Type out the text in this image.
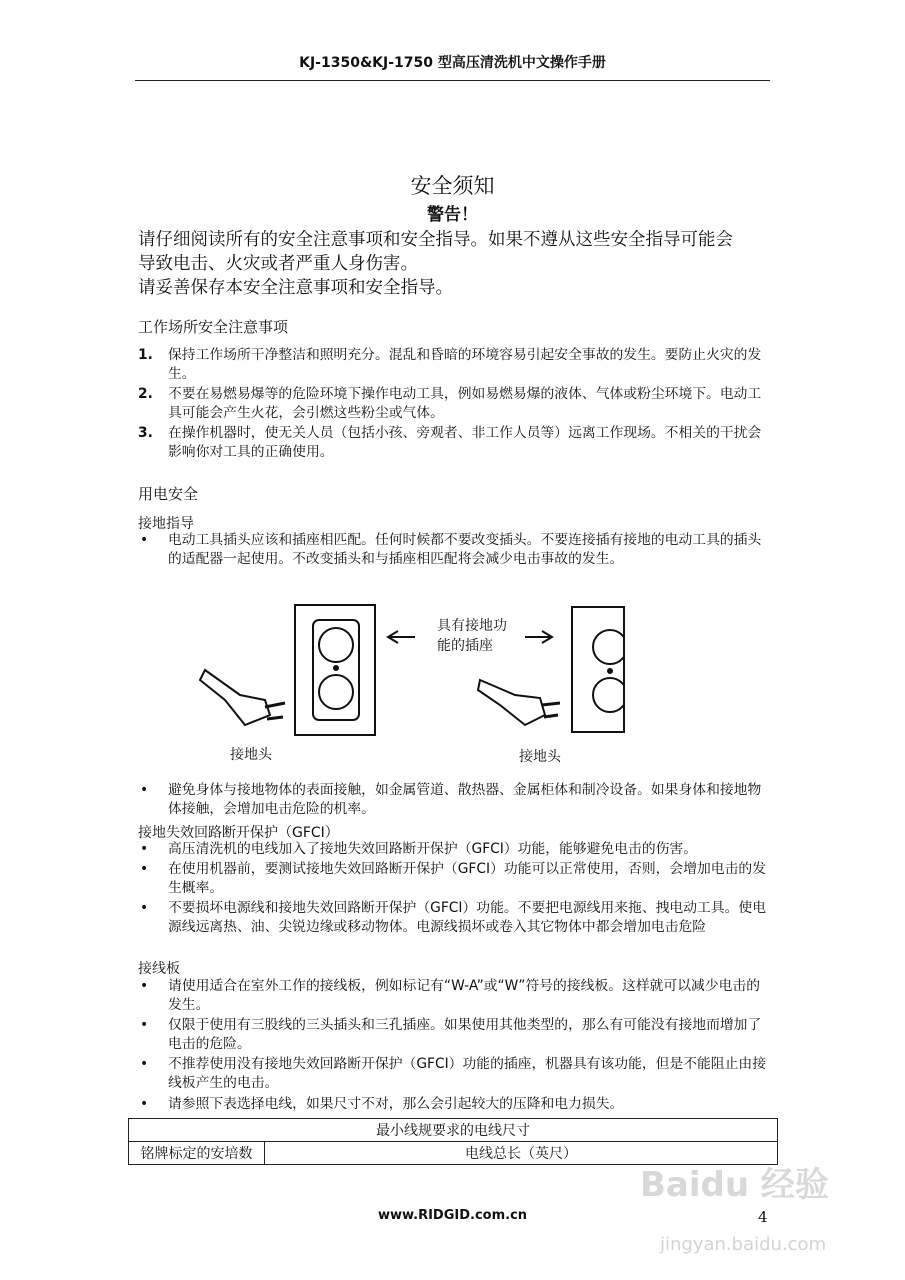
KJ-1350&KJ-1750 型高压清洗机中文操作手册
安全须知
警告！
请仔细阅读所有的安全注意事项和安全指导。如果不遵从这些安全指导可能会
导致电击、火灾或者严重人身伤害。
请妥善保存本安全注意事项和安全指导。
工作场所安全注意事项
1. 保持工作场所干净整洁和照明充分。混乱和昏暗的环境容易引起安全事故的发生。要防止火灾的发生。
2. 不要在易燃易爆等的危险环境下操作电动工具，例如易燃易爆的液体、气体或粉尘环境下。电动工具可能会产生火花，会引燃这些粉尘或气体。
3. 在操作机器时，使无关人员（包括小孩、旁观者、非工作人员等）远离工作现场。不相关的干扰会影响你对工具的正确使用。
用电安全
接地指导
• 电动工具插头应该和插座相匹配。任何时候都不要改变插头。不要连接插有接地的电动工具的插头的适配器一起使用。不改变插头和与插座相匹配将会减少电击事故的发生。
具有接地功
能的插座
接地头	接地头
• 避免身体与接地物体的表面接触，如金属管道、散热器、金属柜体和制冷设备。如果身体和接地物体接触，会增加电击危险的机率。
接地失效回路断开保护（GFCI）
• 高压清洗机的电线加入了接地失效回路断开保护（GFCI）功能，能够避免电击的伤害。
• 在使用机器前，要测试接地失效回路断开保护（GFCI）功能可以正常使用，否则，会增加电击的发生概率。
• 不要损坏电源线和接地失效回路断开保护（GFCI）功能。不要把电源线用来拖、拽电动工具。使电源线远离热、油、尖锐边缘或移动物体。电源线损坏或卷入其它物体中都会增加电击危险
接线板
• 请使用适合在室外工作的接线板，例如标记有“W-A”或“W”符号的接线板。这样就可以减少电击的发生。
• 仅限于使用有三股线的三头插头和三孔插座。如果使用其他类型的，那么有可能没有接地而增加了电击的危险。
• 不推荐使用没有接地失效回路断开保护（GFCI）功能的插座，机器具有该功能，但是不能阻止由接线板产生的电击。
• 请参照下表选择电线，如果尺寸不对，那么会引起较大的压降和电力损失。
最小线规要求的电线尺寸
铭牌标定的安培数	电线总长（英尺）
Baidu 经验
jingyan.baidu.com
www.RIDGID.com.cn	4
